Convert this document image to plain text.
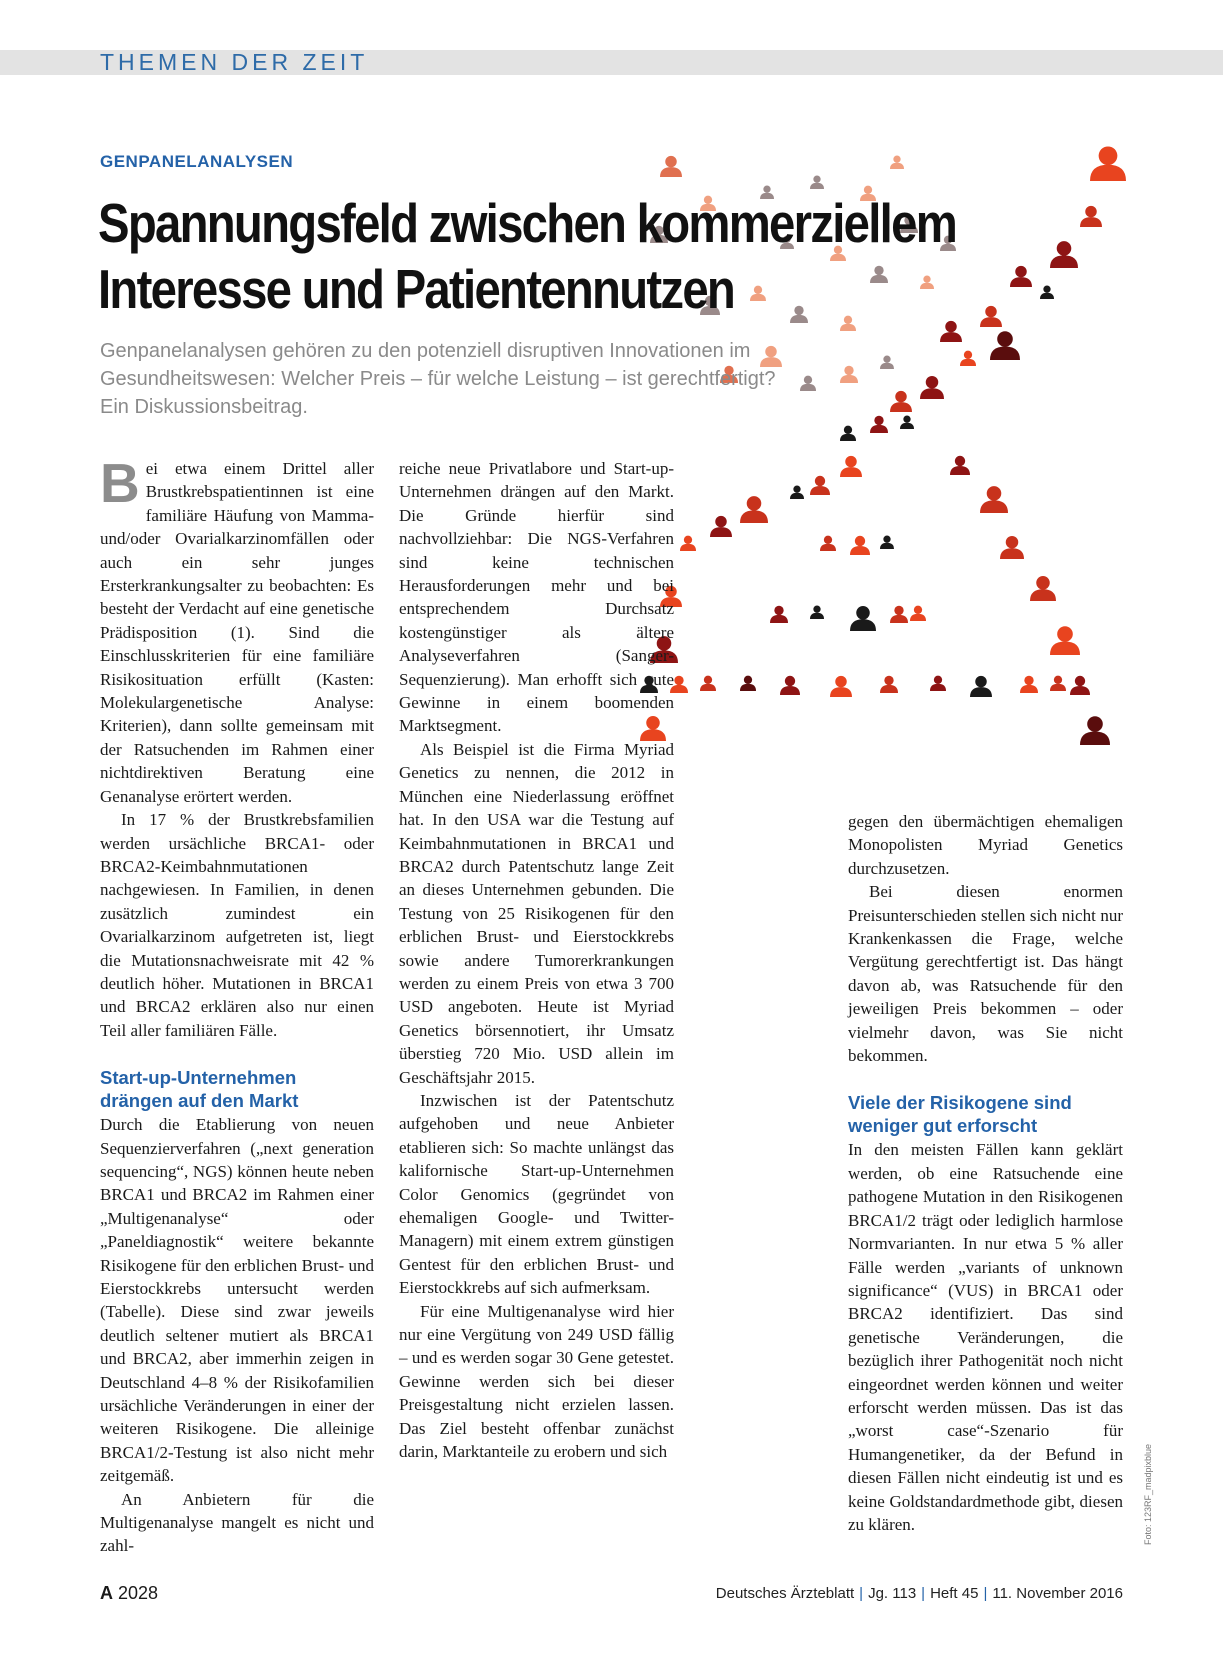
THEMEN DER ZEIT
GENPANELANALYSEN
Spannungsfeld zwischen kommerziellem Interesse und Patientennutzen
Genpanelanalysen gehören zu den potenziell disruptiven Innovationen im
Gesundheitswesen: Welcher Preis – für welche Leistung – ist gerechtfertigt?
Ein Diskussionsbeitrag.
B ei etwa einem Drittel aller Brustkrebspatientinnen ist eine familiäre Häufung von Mamma- und/oder Ovarialkarzinomfällen oder auch ein sehr junges Ersterkrankungsalter zu beobachten: Es besteht der Verdacht auf eine genetische Prädisposition (1). Sind die Einschlusskriterien für eine familiäre Risikosituation erfüllt (Kasten: Molekulargenetische Analyse: Kriterien), dann sollte gemeinsam mit der Ratsuchenden im Rahmen einer nichtdirektiven Beratung eine Genanalyse erörtert werden.

In 17 % der Brustkrebsfamilien werden ursächliche BRCA1- oder BRCA2-Keimbahnmutationen nachgewiesen. In Familien, in denen zusätzlich zumindest ein Ovarialkarzinom aufgetreten ist, liegt die Mutationsnachweisrate mit 42 % deutlich höher. Mutationen in BRCA1 und BRCA2 erklären also nur einen Teil aller familiären Fälle.

Start-up-Unternehmen
drängen auf den Markt

Durch die Etablierung von neuen Sequenzierverfahren („next generation sequencing“, NGS) können heute neben BRCA1 und BRCA2 im Rahmen einer „Multigenanalyse“ oder „Paneldiagnostik“ weitere bekannte Risikogene für den erblichen Brust- und Eierstockkrebs untersucht werden (Tabelle). Diese sind zwar jeweils deutlich seltener mutiert als BRCA1 und BRCA2, aber immerhin zeigen in Deutschland 4–8 % der Risikofamilien ursächliche Veränderungen in einer der weiteren Risikogene. Die alleinige BRCA1/2-Testung ist also nicht mehr zeitgemäß.

An Anbietern für die Multigenanalyse mangelt es nicht und zahl-

reiche neue Privatlabore und Start-up- Unternehmen drängen auf den Markt. Die Gründe hierfür sind nachvollziehbar: Die NGS-Verfahren sind keine technischen Herausforderungen mehr und bei entsprechendem Durchsatz kostengünstiger als ältere Analyseverfahren (Sanger-Sequenzierung). Man erhofft sich gute Gewinne in einem boomenden Marktsegment.

Als Beispiel ist die Firma Myriad Genetics zu nennen, die 2012 in München eine Niederlassung eröffnet hat. In den USA war die Testung auf Keimbahnmutationen in BRCA1 und BRCA2 durch Patentschutz lange Zeit an dieses Unternehmen gebunden. Die Testung von 25 Risikogenen für den erblichen Brust- und Eierstockkrebs sowie andere Tumorerkrankungen werden zu einem Preis von etwa 3 700 USD angeboten. Heute ist Myriad Genetics börsennotiert, ihr Umsatz überstieg 720 Mio. USD allein im Geschäftsjahr 2015.

Inzwischen ist der Patentschutz aufgehoben und neue Anbieter etablieren sich: So machte unlängst das kalifornische Start-up-Unternehmen Color Genomics (gegründet von ehemaligen Google- und Twitter-Managern) mit einem extrem günstigen Gentest für den erblichen Brust- und Eierstockkrebs auf sich aufmerksam.

Für eine Multigenanalyse wird hier nur eine Vergütung von 249 USD fällig – und es werden sogar 30 Gene getestet. Gewinne werden sich bei dieser Preisgestaltung nicht erzielen lassen. Das Ziel besteht offenbar zunächst darin, Marktanteile zu erobern und sich

gegen den übermächtigen ehemaligen Monopolisten Myriad Genetics durchzusetzen.

Bei diesen enormen Preisunterschieden stellen sich nicht nur Krankenkassen die Frage, welche Vergütung gerechtfertigt ist. Das hängt davon ab, was Ratsuchende für den jeweiligen Preis bekommen – oder vielmehr davon, was Sie nicht bekommen.

Viele der Risikogene sind
weniger gut erforscht

In den meisten Fällen kann geklärt werden, ob eine Ratsuchende eine pathogene Mutation in den Risikogenen BRCA1/2 trägt oder lediglich harmlose Normvarianten. In nur etwa 5 % aller Fälle werden „variants of unknown significance“ (VUS) in BRCA1 oder BRCA2 identifiziert. Das sind genetische Veränderungen, die bezüglich ihrer Pathogenität noch nicht eingeordnet werden können und weiter erforscht werden müssen. Das ist das „worst case“-Szenario für Humangenetiker, da der Befund in diesen Fällen nicht eindeutig ist und es keine Goldstandardmethode gibt, diesen zu klären.

A 2028	Deutsches Ärzteblatt | Jg. 113 | Heft 45 | 11. November 2016
Foto: 123RF_madpixblue
